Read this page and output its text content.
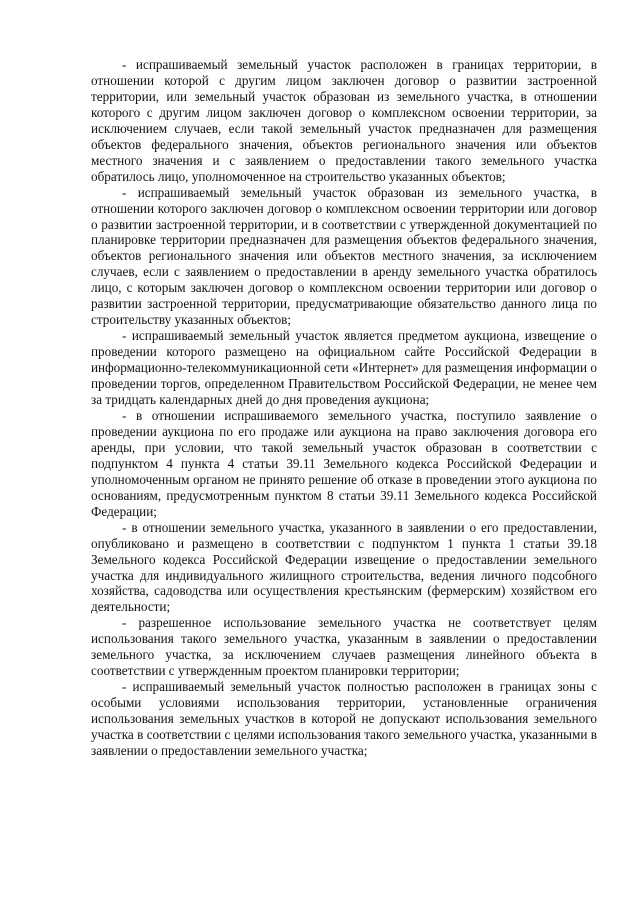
- испрашиваемый земельный участок расположен в границах территории, в отношении которой с другим лицом заключен договор о развитии застроенной территории, или земельный участок образован из земельного участка, в отношении которого с другим лицом заключен договор о комплексном освоении территории, за исключением случаев, если такой земельный участок предназначен для размещения объектов федерального значения, объектов регионального значения или объектов местного значения и с заявлением о предоставлении такого земельного участка обратилось лицо, уполномоченное на строительство указанных объектов;

- испрашиваемый земельный участок образован из земельного участка, в отношении которого заключен договор о комплексном освоении территории или договор о развитии застроенной территории, и в соответствии с утвержденной документацией по планировке территории предназначен для размещения объектов федерального значения, объектов регионального значения или объектов местного значения, за исключением случаев, если с заявлением о предоставлении в аренду земельного участка обратилось лицо, с которым заключен договор о комплексном освоении территории или договор о развитии застроенной территории, предусматривающие обязательство данного лица по строительству указанных объектов;

- испрашиваемый земельный участок является предметом аукциона, извещение о проведении которого размещено на официальном сайте Российской Федерации в информационно-телекоммуникационной сети «Интернет» для размещения информации о проведении торгов, определенном Правительством Российской Федерации, не менее чем за тридцать календарных дней до дня проведения аукциона;

- в отношении испрашиваемого земельного участка, поступило заявление о проведении аукциона по его продаже или аукциона на право заключения договора его аренды, при условии, что такой земельный участок образован в соответствии с подпунктом 4 пункта 4 статьи 39.11 Земельного кодекса Российской Федерации и уполномоченным органом не принято решение об отказе в проведении этого аукциона по основаниям, предусмотренным пунктом 8 статьи 39.11 Земельного кодекса Российской Федерации;

- в отношении земельного участка, указанного в заявлении о его предоставлении, опубликовано и размещено в соответствии с подпунктом 1 пункта 1 статьи 39.18 Земельного кодекса Российской Федерации извещение о предоставлении земельного участка для индивидуального жилищного строительства, ведения личного подсобного хозяйства, садоводства или осуществления крестьянским (фермерским) хозяйством его деятельности;

- разрешенное использование земельного участка не соответствует целям использования такого земельного участка, указанным в заявлении о предоставлении земельного участка, за исключением случаев размещения линейного объекта в соответствии с утвержденным проектом планировки территории;

- испрашиваемый земельный участок полностью расположен в границах зоны с особыми условиями использования территории, установленные ограничения использования земельных участков в которой не допускают использования земельного участка в соответствии с целями использования такого земельного участка, указанными в заявлении о предоставлении земельного участка;
